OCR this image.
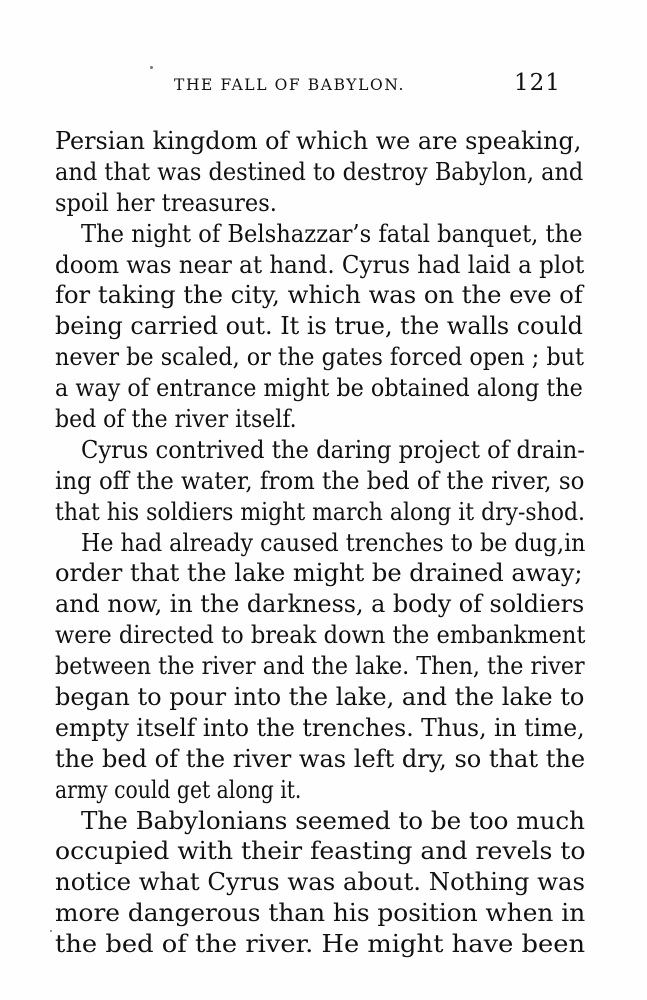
THE FALL OF BABYLON.	121
Persian kingdom of which we are speaking,
and that was destined to destroy Babylon, and
spoil her treasures.
The night of Belshazzar’s fatal banquet, the
doom was near at hand. Cyrus had laid a plot
for taking the city, which was on the eve of
being carried out. It is true, the walls could
never be scaled, or the gates forced open ; but
a way of entrance might be obtained along the
bed of the river itself.
Cyrus contrived the daring project of drain-
ing off the water, from the bed of the river, so
that his soldiers might march along it dry-shod.
He had already caused trenches to be dug,in
order that the lake might be drained away;
and now, in the darkness, a body of soldiers
were directed to break down the embankment
between the river and the lake. Then, the river
began to pour into the lake, and the lake to
empty itself into the trenches. Thus, in time,
the bed of the river was left dry, so that the
army could get along it.
The Babylonians seemed to be too much
occupied with their feasting and revels to
notice what Cyrus was about. Nothing was
more dangerous than his position when in
the bed of the river. He might have been
